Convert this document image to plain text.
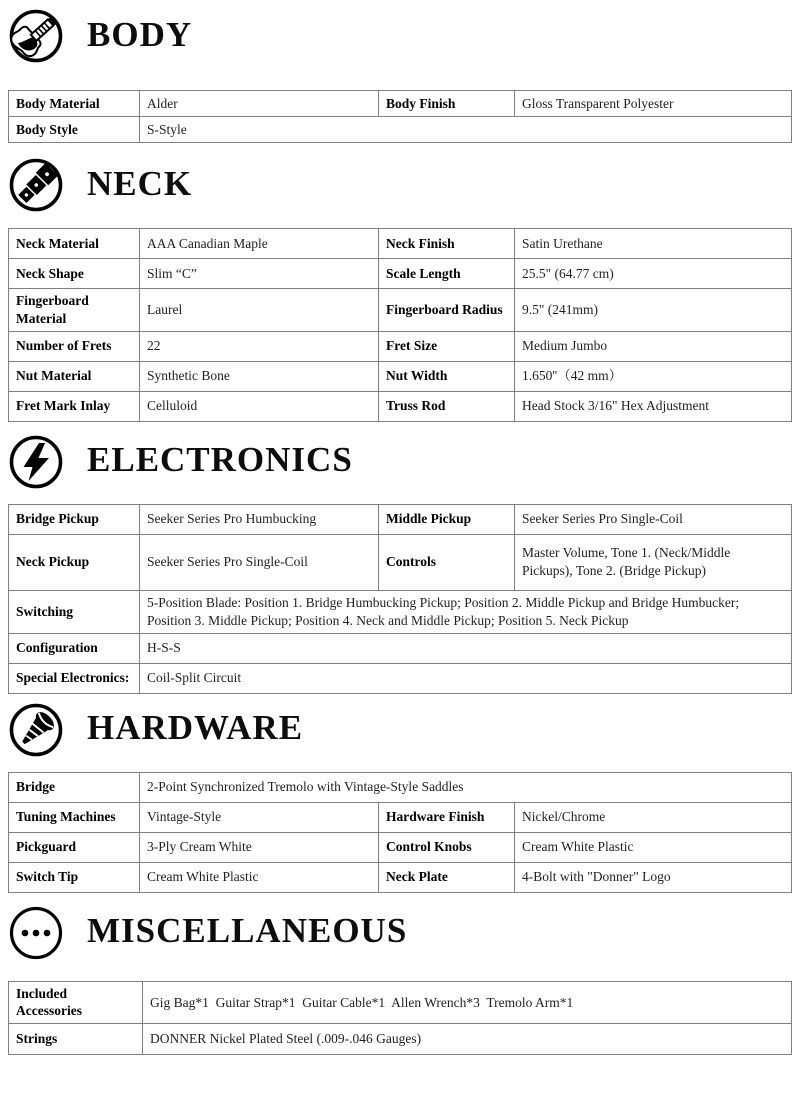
BODY
Body Material	Alder	Body Finish	Gloss Transparent Polyester
Body Style	S-Style		
NECK
Neck Material	AAA Canadian Maple	Neck Finish	Satin Urethane
Neck Shape	Slim “C”	Scale Length	25.5" (64.77 cm)
Fingerboard Material	Laurel	Fingerboard Radius	9.5" (241mm)
Number of Frets	22	Fret Size	Medium Jumbo
Nut Material	Synthetic Bone	Nut Width	1.650''（42 mm）
Fret Mark Inlay	Celluloid	Truss Rod	Head Stock 3/16" Hex Adjustment
ELECTRONICS
Bridge Pickup	Seeker Series Pro Humbucking	Middle Pickup	Seeker Series Pro Single-Coil
Neck Pickup	Seeker Series Pro Single-Coil	Controls	Master Volume, Tone 1. (Neck/Middle Pickups), Tone 2. (Bridge Pickup)
Switching	5-Position Blade: Position 1. Bridge Humbucking Pickup; Position 2. Middle Pickup and Bridge Humbucker; Position 3. Middle Pickup; Position 4. Neck and Middle Pickup; Position 5. Neck Pickup		
Configuration	H-S-S		
Special Electronics:	Coil-Split Circuit		
HARDWARE
Bridge	2-Point Synchronized Tremolo with Vintage-Style Saddles		
Tuning Machines	Vintage-Style	Hardware Finish	Nickel/Chrome
Pickguard	3-Ply Cream White	Control Knobs	Cream White Plastic
Switch Tip	Cream White Plastic	Neck Plate	4-Bolt with "Donner" Logo
MISCELLANEOUS
Included Accessories	Gig Bag*1  Guitar Strap*1  Guitar Cable*1  Allen Wrench*3  Tremolo Arm*1
Strings	DONNER Nickel Plated Steel (.009-.046 Gauges)
